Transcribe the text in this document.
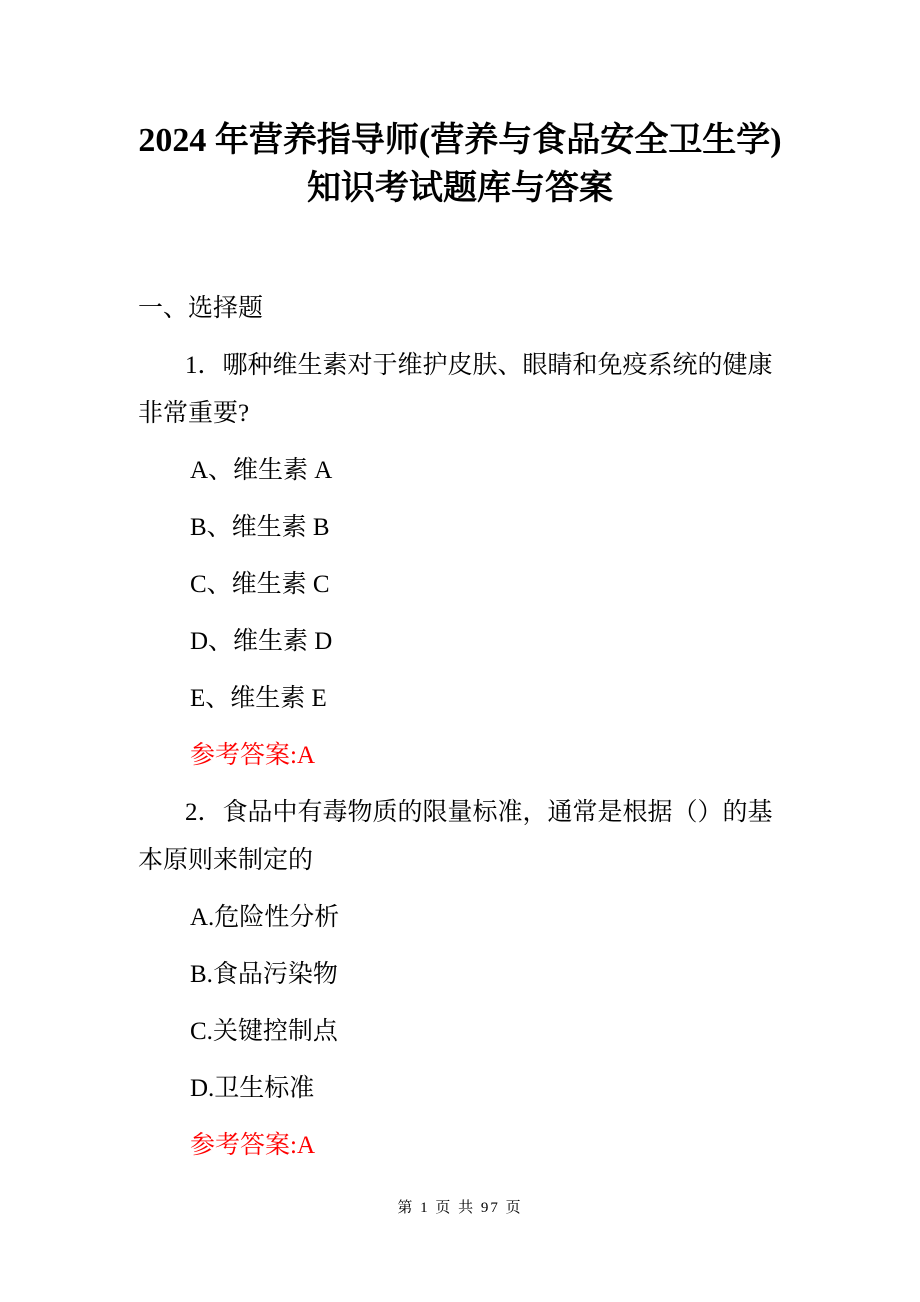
2024 年营养指导师(营养与食品安全卫生学)
知识考试题库与答案

一、选择题

1．哪种维生素对于维护皮肤、眼睛和免疫系统的健康非常重要?

A、维生素 A

B、维生素 B

C、维生素 C

D、维生素 D

E、维生素 E

参考答案:A

2．食品中有毒物质的限量标准，通常是根据（）的基本原则来制定的

A.危险性分析

B.食品污染物

C.关键控制点

D.卫生标准

参考答案:A

第 1 页 共 97 页
